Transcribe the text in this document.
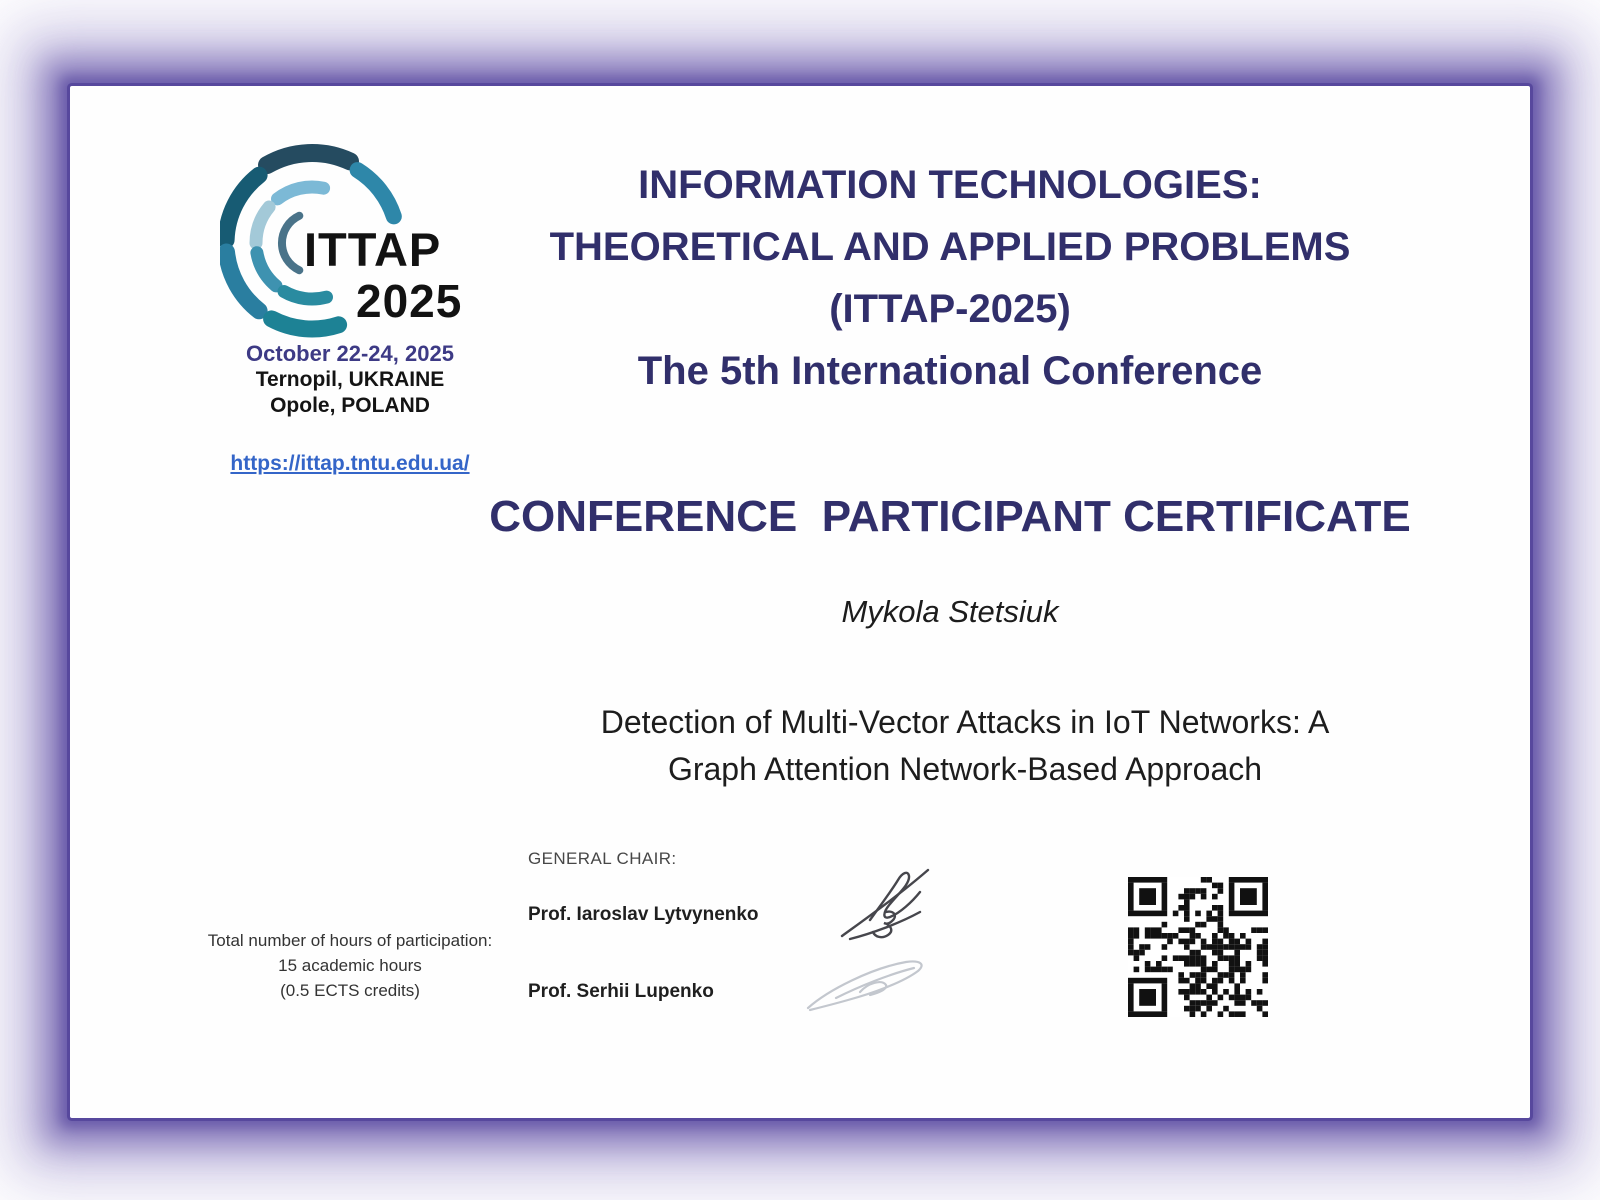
ITTAP
2025
October 22-24, 2025
Ternopil, UKRAINE
Opole, POLAND
https://ittap.tntu.edu.ua/
INFORMATION TECHNOLOGIES:
THEORETICAL AND APPLIED PROBLEMS
(ITTAP-2025)
The 5th International Conference
CONFERENCE  PARTICIPANT CERTIFICATE
Mykola Stetsiuk
Detection of Multi-Vector Attacks in IoT Networks: A
Graph Attention Network-Based Approach
GENERAL CHAIR:
Prof. Iaroslav Lytvynenko
Prof. Serhii Lupenko
Total number of hours of participation:
15 academic hours
(0.5 ECTS credits)
